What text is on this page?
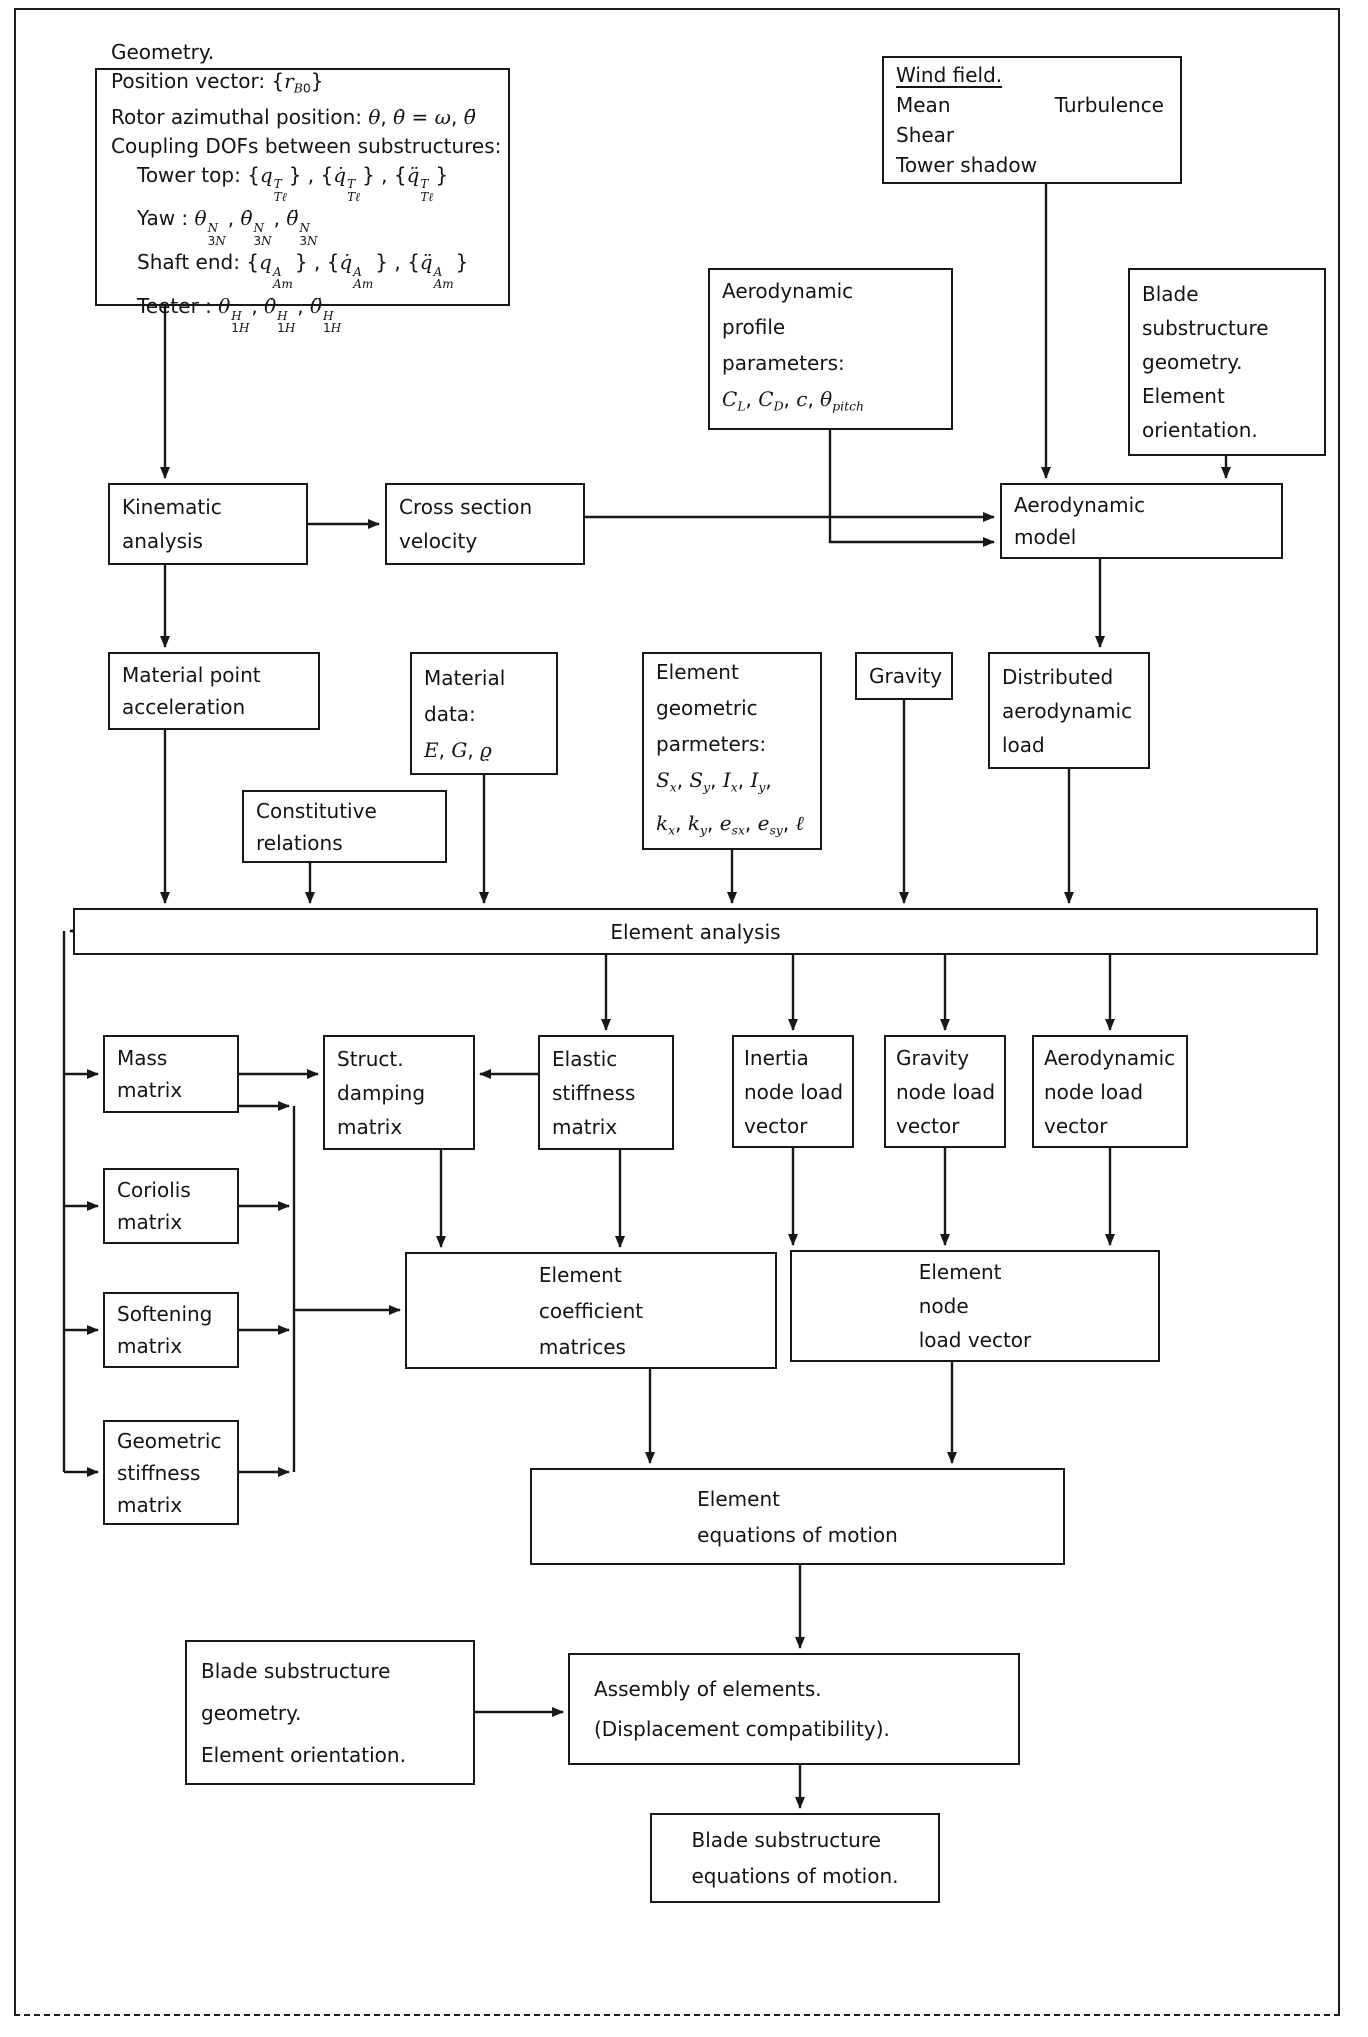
Geometry.
Position vector: $\{r_{B0}\}$
Rotor azimuthal position: θ, θ̇ = ω, θ̈
Coupling DOFs between substructures:
Tower top: {q T
Tℓ
} , {q̇ T
Tℓ
} , {q̈ T
Tℓ
}
Yaw : θ N
3N
, θ̇ N
3N
, θ̈ N
3N
Shaft end: {q A
Am
} , {q̇ A
Am
} , {q̈ A
Am
}
Teeter : θ H
1H
, θ̇ H
1H
, θ̈ H
1H
Wind field.
Mean	Turbulence
Shear
Tower shadow
Aerodynamic
profile
parameters:
$C_L$, $C_D$, c, $\theta_{pitch}$
Blade
substructure
geometry.
Element
orientation.
Kinematic
analysis
Cross section
velocity
Aerodynamic
model
Material point
acceleration
Material
data:
E, G, ϱ
Constitutive
relations
Element
geometric
parmeters:
$S_x$, $S_y$, $I_x$, $I_y$,
$k_x$, $k_y$, $e_{sx}$, $e_{sy}$, ℓ
Gravity	Distributed
aerodynamic
load
Element analysis
Mass
matrix
Struct.
damping
matrix
Elastic
stiffness
matrix
Inertia
node load
vector
Gravity
node load
vector
Aerodynamic
node load
vector
Coriolis
matrix
Softening
matrix
Geometric
stiffness
matrix
Element
coefficient
matrices
Element
node
load vector
Element
equations of motion
Blade substructure
geometry.
Element orientation.
Assembly of elements.
(Displacement compatibility).
Blade substructure
equations of motion.
